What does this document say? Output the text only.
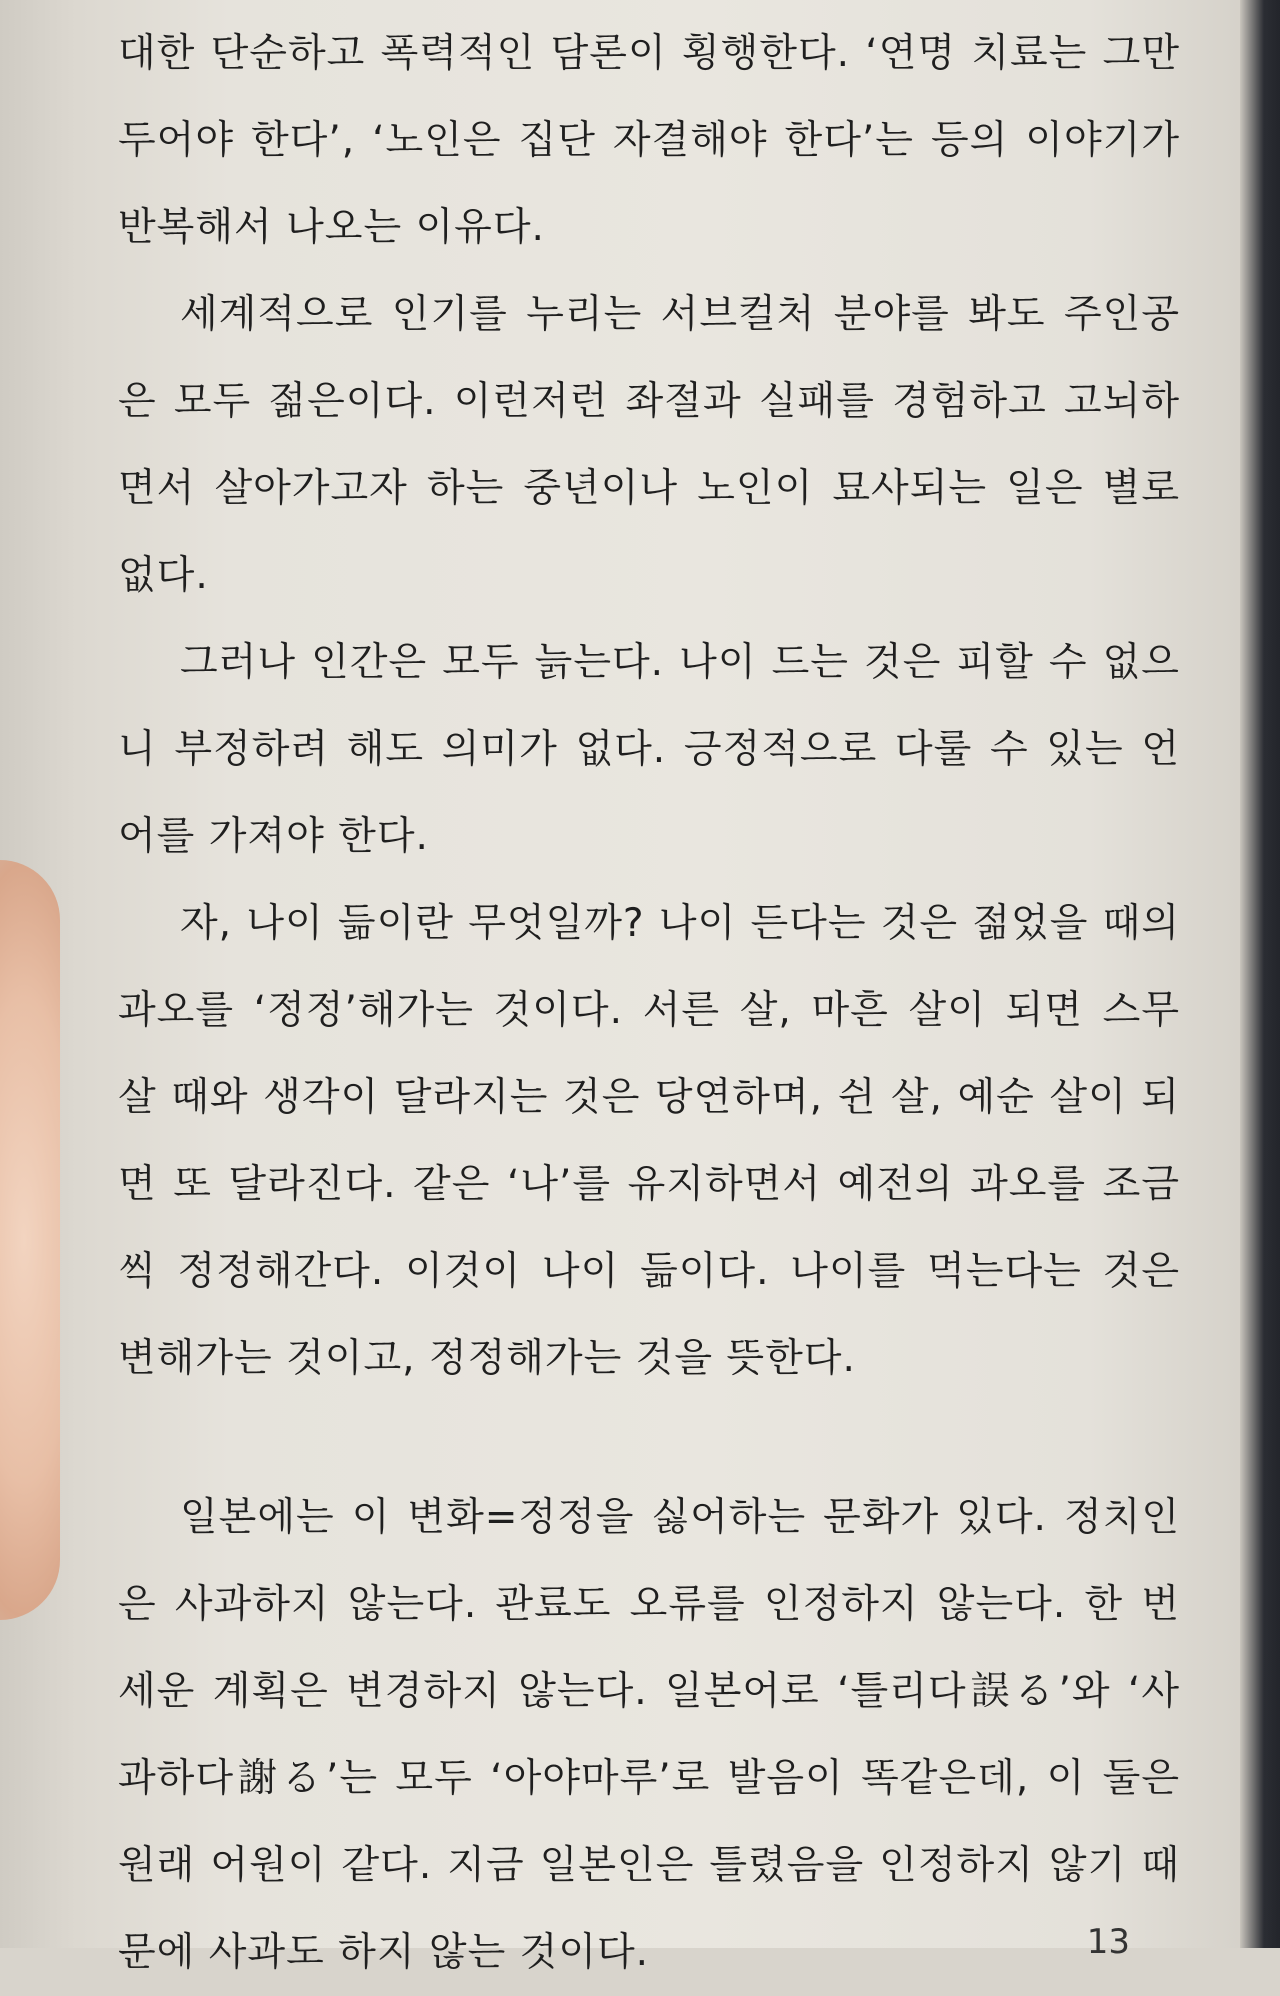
대한 단순하고 폭력적인 담론이 횡행한다. ‘연명 치료는 그만 두어야 한다’, ‘노인은 집단 자결해야 한다’는 등의 이야기가 반복해서 나오는 이유다.

세계적으로 인기를 누리는 서브컬처 분야를 봐도 주인공은 모두 젊은이다. 이런저런 좌절과 실패를 경험하고 고뇌하면서 살아가고자 하는 중년이나 노인이 묘사되는 일은 별로 없다.

그러나 인간은 모두 늙는다. 나이 드는 것은 피할 수 없으니 부정하려 해도 의미가 없다. 긍정적으로 다룰 수 있는 언어를 가져야 한다.

자, 나이 듦이란 무엇일까? 나이 든다는 것은 젊었을 때의 과오를 ‘정정’해가는 것이다. 서른 살, 마흔 살이 되면 스무 살 때와 생각이 달라지는 것은 당연하며, 쉰 살, 예순 살이 되면 또 달라진다. 같은 ‘나’를 유지하면서 예전의 과오를 조금씩 정정해간다. 이것이 나이 듦이다. 나이를 먹는다는 것은 변해가는 것이고, 정정해가는 것을 뜻한다.

일본에는 이 변화=정정을 싫어하는 문화가 있다. 정치인은 사과하지 않는다. 관료도 오류를 인정하지 않는다. 한 번 세운 계획은 변경하지 않는다. 일본어로 ‘틀리다誤る’와 ‘사과하다謝る’는 모두 ‘아야마루’로 발음이 똑같은데, 이 둘은 원래 어원이 같다. 지금 일본인은 틀렸음을 인정하지 않기 때문에 사과도 하지 않는 것이다.	13
